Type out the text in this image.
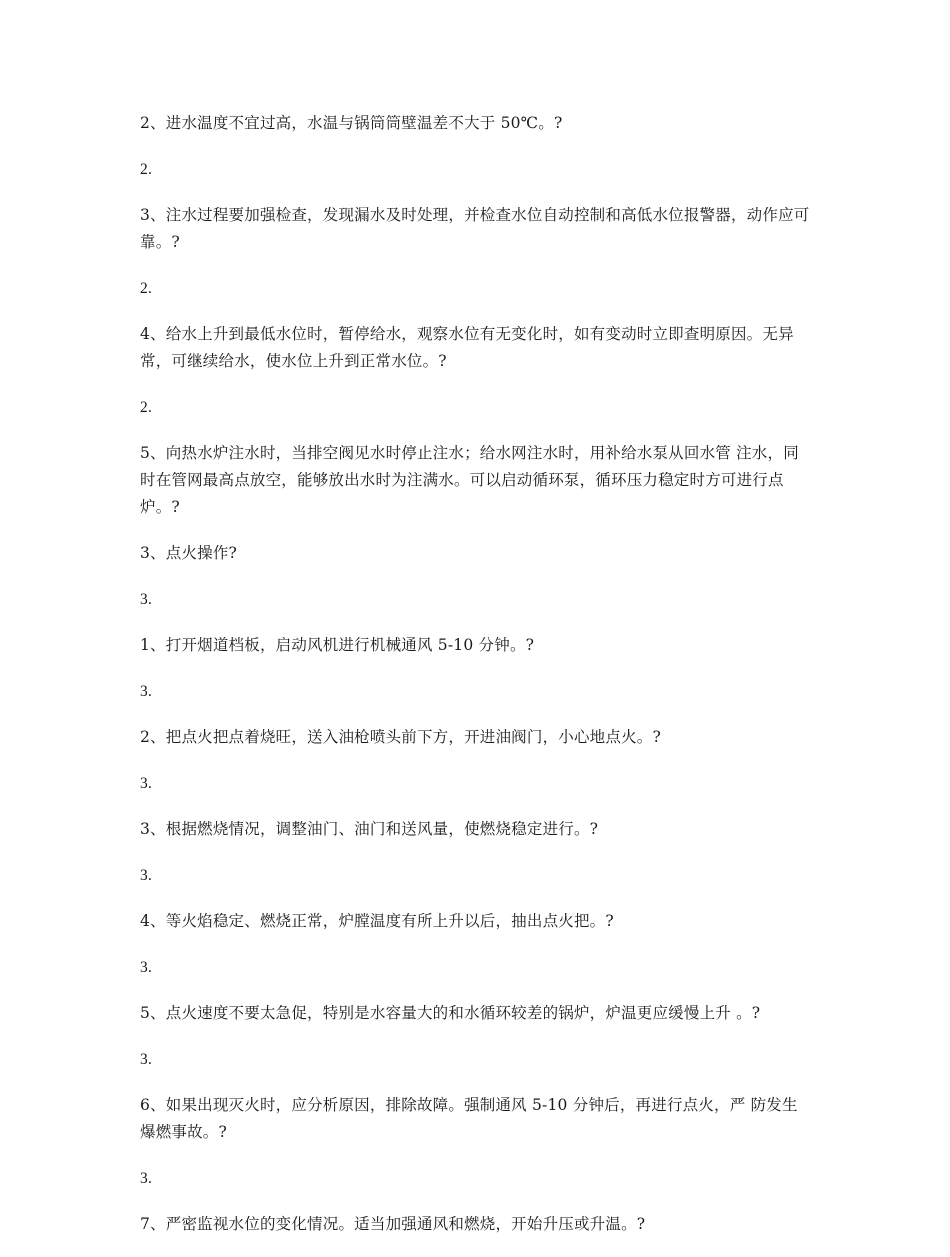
2、进水温度不宜过高，水温与锅筒筒壁温差不大于 50℃。?

2.

3、注水过程要加强检查，发现漏水及时处理，并检查水位自动控制和高低水位报警器，动作应可靠。?

2.

4、给水上升到最低水位时，暂停给水，观察水位有无变化时，如有变动时立即查明原因。无异常，可继续给水，使水位上升到正常水位。?

2.

5、向热水炉注水时，当排空阀见水时停止注水；给水网注水时，用补给水泵从回水管 注水，同时在管网最高点放空，能够放出水时为注满水。可以启动循环泵，循环压力稳定时方可进行点炉。?

3、点火操作?

3.

1、打开烟道档板，启动风机进行机械通风 5-10 分钟。?

3.

2、把点火把点着烧旺，送入油枪喷头前下方，开进油阀门，小心地点火。?

3.

3、根据燃烧情况，调整油门、油门和送风量，使燃烧稳定进行。?

3.

4、等火焰稳定、燃烧正常，炉膛温度有所上升以后，抽出点火把。?

3.

5、点火速度不要太急促，特别是水容量大的和水循环较差的锅炉，炉温更应缓慢上升 。?

3.

6、如果出现灭火时，应分析原因，排除故障。强制通风 5-10 分钟后，再进行点火，严 防发生爆燃事故。?

3.

7、严密监视水位的变化情况。适当加强通风和燃烧，开始升压或升温。?
